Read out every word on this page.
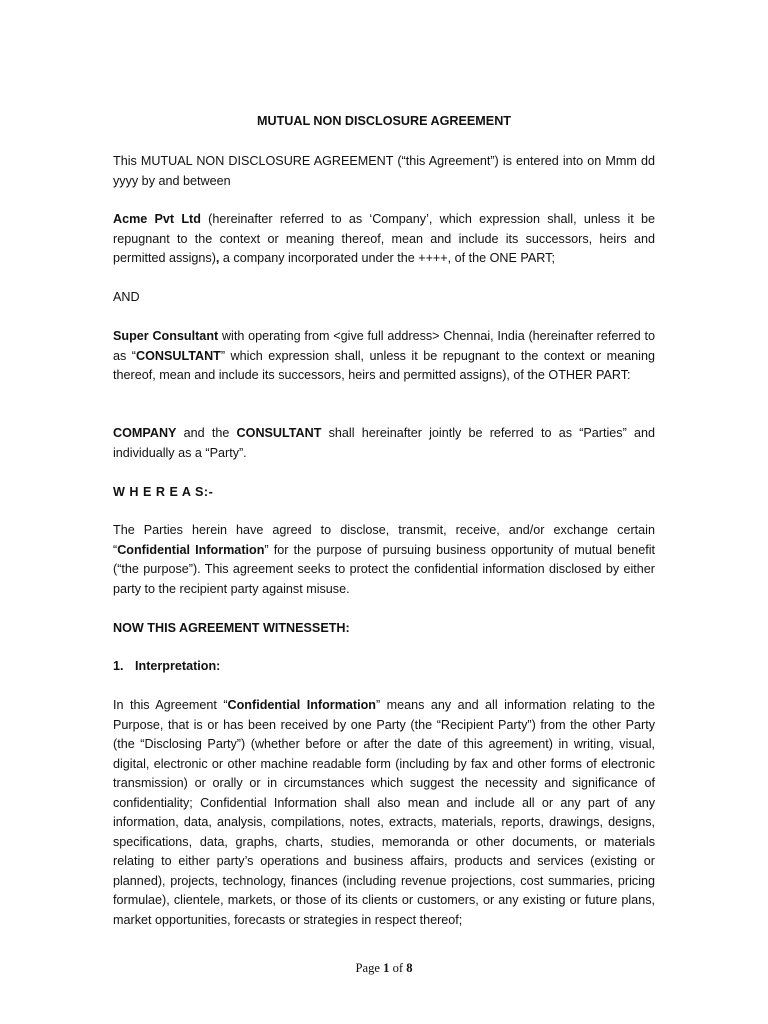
MUTUAL NON DISCLOSURE AGREEMENT

This MUTUAL NON DISCLOSURE AGREEMENT (“this Agreement”) is entered into on Mmm dd yyyy by and between

Acme Pvt Ltd (hereinafter referred to as ‘Company’, which expression shall, unless it be repugnant to the context or meaning thereof, mean and include its successors, heirs and permitted assigns), a company incorporated under the ++++, of the ONE PART;

AND

Super Consultant with operating from <give full address> Chennai, India (hereinafter referred to as “CONSULTANT” which expression shall, unless it be repugnant to the context or meaning thereof, mean and include its successors, heirs and permitted assigns), of the OTHER PART:

COMPANY and the CONSULTANT shall hereinafter jointly be referred to as “Parties” and individually as a “Party”.

W H E R E A S:-

The Parties herein have agreed to disclose, transmit, receive, and/or exchange certain “Confidential Information” for the purpose of pursuing business opportunity of mutual benefit (“the purpose”). This agreement seeks to protect the confidential information disclosed by either party to the recipient party against misuse.

NOW THIS AGREEMENT WITNESSETH:

1. Interpretation:

In this Agreement “Confidential Information” means any and all information relating to the Purpose, that is or has been received by one Party (the “Recipient Party”) from the other Party (the “Disclosing Party”) (whether before or after the date of this agreement) in writing, visual, digital, electronic or other machine readable form (including by fax and other forms of electronic transmission) or orally or in circumstances which suggest the necessity and significance of confidentiality; Confidential Information shall also mean and include all or any part of any information, data, analysis, compilations, notes, extracts, materials, reports, drawings, designs, specifications, data, graphs, charts, studies, memoranda or other documents, or materials relating to either party’s operations and business affairs, products and services (existing or planned), projects, technology, finances (including revenue projections, cost summaries, pricing formulae), clientele, markets, or those of its clients or customers, or any existing or future plans, market opportunities, forecasts or strategies in respect thereof;

Page 1 of 8
